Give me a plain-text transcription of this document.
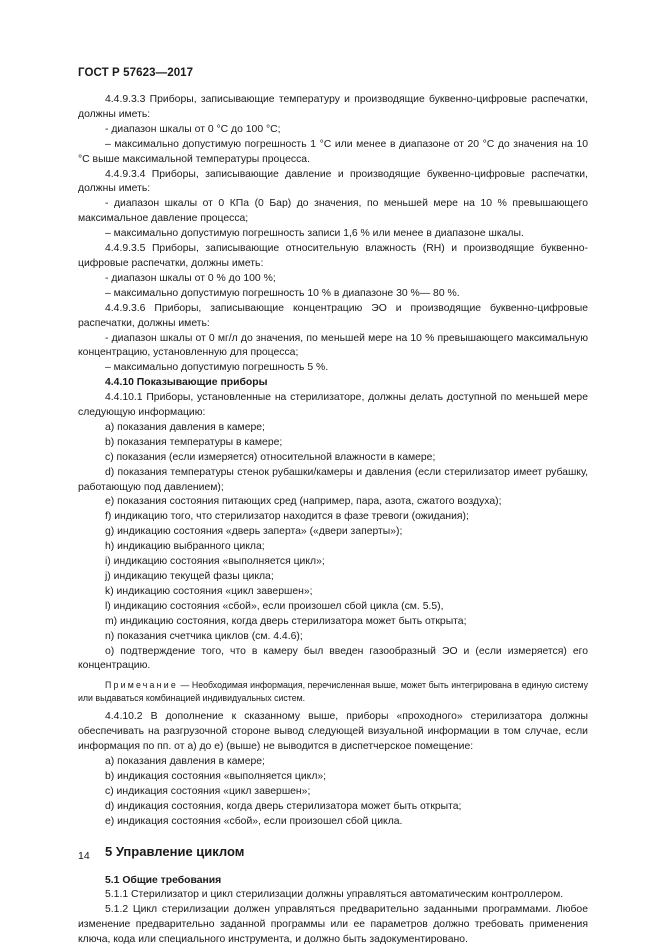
ГОСТ Р 57623—2017

4.4.9.3.3 Приборы, записывающие температуру и производящие буквенно-цифровые распечатки, должны иметь:

- диапазон шкалы от 0 °С до 100 °С;

– максимально допустимую погрешность 1 °С или менее в диапазоне от 20 °С до значения на 10 °С выше максимальной температуры процесса.

4.4.9.3.4 Приборы, записывающие давление и производящие буквенно-цифровые распечатки, должны иметь:

- диапазон шкалы от 0 КПа (0 Бар) до значения, по меньшей мере на 10 % превышающего максимальное давление процесса;

– максимально допустимую погрешность записи 1,6 % или менее в диапазоне шкалы.

4.4.9.3.5 Приборы, записывающие относительную влажность (RH) и производящие буквенно-цифровые распечатки, должны иметь:

- диапазон шкалы от 0 % до 100 %;

– максимально допустимую погрешность 10 % в диапазоне 30 %— 80 %.

4.4.9.3.6 Приборы, записывающие концентрацию ЭО и производящие буквенно-цифровые распечатки, должны иметь:

- диапазон шкалы от 0 мг/л до значения, по меньшей мере на 10 % превышающего максимальную концентрацию, установленную для процесса;

– максимально допустимую погрешность 5 %.

4.4.10 Показывающие приборы

4.4.10.1 Приборы, установленные на стерилизаторе, должны делать доступной по меньшей мере следующую информацию:

a) показания давления в камере;

b) показания температуры в камере;

c) показания (если измеряется) относительной влажности в камере;

d) показания температуры стенок рубашки/камеры и давления (если стерилизатор имеет рубашку, работающую под давлением);

e) показания состояния питающих сред (например, пара, азота, сжатого воздуха);

f) индикацию того, что стерилизатор находится в фазе тревоги (ожидания);

g) индикацию состояния «дверь заперта» («двери заперты»);

h) индикацию выбранного цикла;

i) индикацию состояния «выполняется цикл»;

j) индикацию текущей фазы цикла;

k) индикацию состояния «цикл завершен»;

l) индикацию состояния «сбой», если произошел сбой цикла (см. 5.5),

m) индикацию состояния, когда дверь стерилизатора может быть открыта;

n) показания счетчика циклов (см. 4.4.6);

o) подтверждение того, что в камеру был введен газообразный ЭО и (если измеряется) его концентрацию.

Примечание — Необходимая информация, перечисленная выше, может быть интегрирована в единую систему или выдаваться комбинацией индивидуальных систем.

4.4.10.2 В дополнение к сказанному выше, приборы «проходного» стерилизатора должны обеспечивать на разгрузочной стороне вывод следующей визуальной информации в том случае, если информация по пп. от а) до е) (выше) не выводится в диспетчерское помещение:

a) показания давления в камере;

b) индикация состояния «выполняется цикл»;

c) индикация состояния «цикл завершен»;

d) индикация состояния, когда дверь стерилизатора может быть открыта;

e) индикация состояния «сбой», если произошел сбой цикла.

5 Управление циклом

5.1 Общие требования

5.1.1 Стерилизатор и цикл стерилизации должны управляться автоматическим контроллером.

5.1.2 Цикл стерилизации должен управляться предварительно заданными программами. Любое изменение предварительно заданной программы или ее параметров должно требовать применения ключа, кода или специального инструмента, и должно быть задокументировано.

14
